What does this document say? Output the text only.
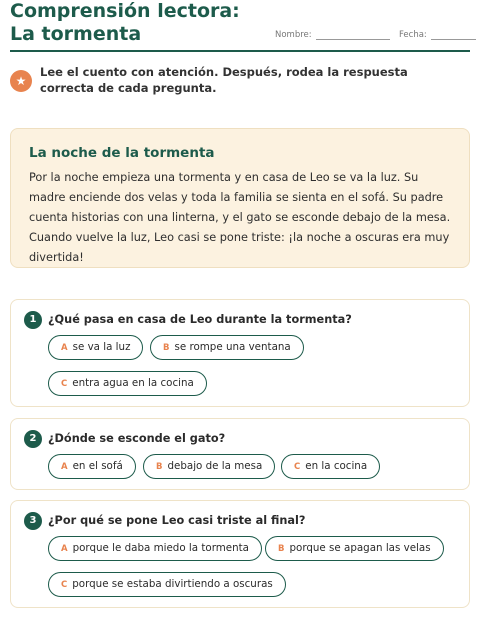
Comprensión lectora: La tormenta	Nombre:	Fecha:
★
Lee el cuento con atención. Después, rodea la respuesta correcta de cada pregunta.
La noche de la tormenta
Por la noche empieza una tormenta y en casa de Leo se va la luz. Su madre enciende dos velas y toda la familia se sienta en el sofá. Su padre cuenta historias con una linterna, y el gato se esconde debajo de la mesa. Cuando vuelve la luz, Leo casi se pone triste: ¡la noche a oscuras era muy divertida!
1	¿Qué pasa en casa de Leo durante la tormenta?
A se va la luz	B se rompe una ventana
C entra agua en la cocina
2	¿Dónde se esconde el gato?
A en el sofá	B debajo de la mesa	C en la cocina
3	¿Por qué se pone Leo casi triste al final?
A porque le daba miedo la tormenta	B porque se apagan las velas
C porque se estaba divirtiendo a oscuras
